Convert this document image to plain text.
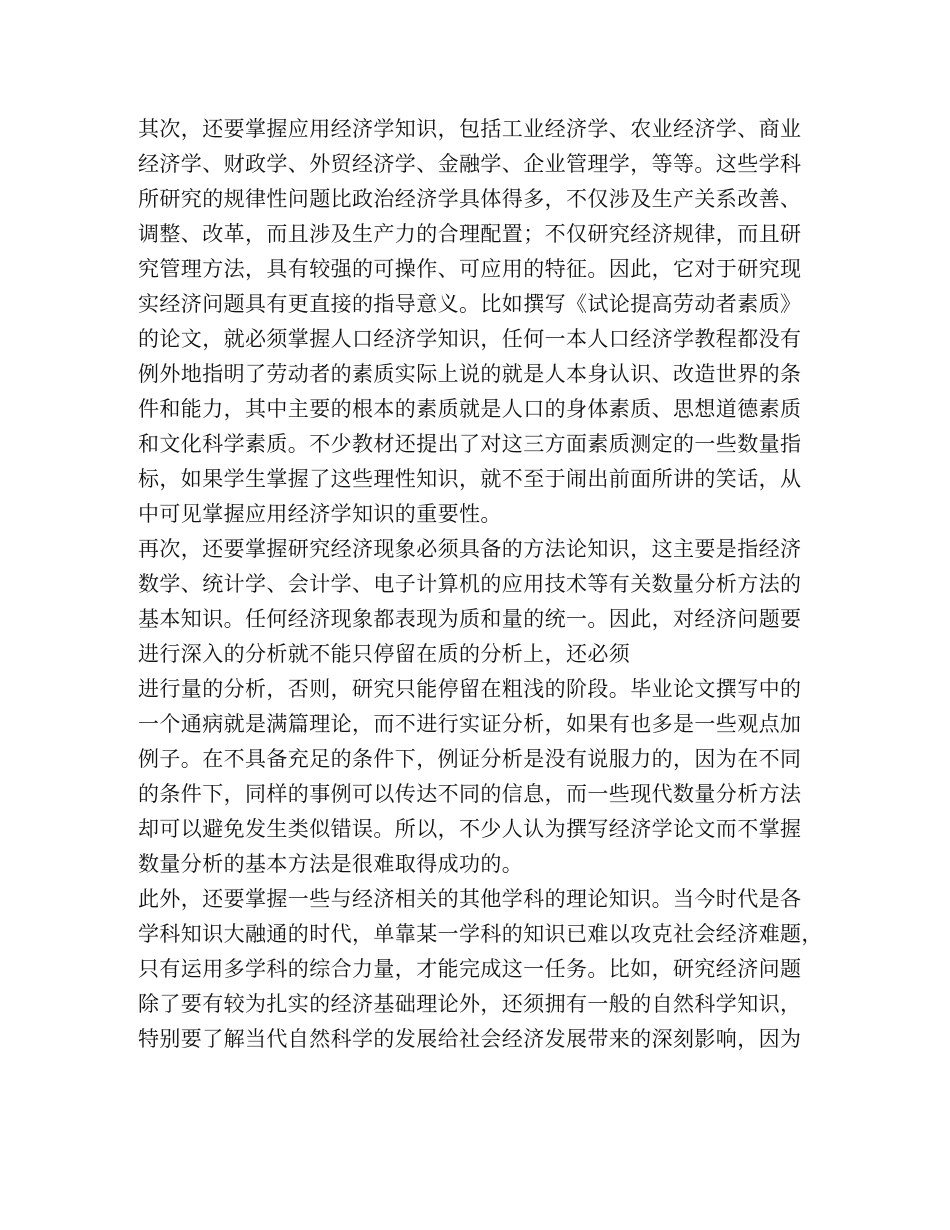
其次，还要掌握应用经济学知识，包括工业经济学、农业经济学、商业
经济学、财政学、外贸经济学、金融学、企业管理学，等等。这些学科
所研究的规律性问题比政治经济学具体得多，不仅涉及生产关系改善、
调整、改革，而且涉及生产力的合理配置；不仅研究经济规律，而且研
究管理方法，具有较强的可操作、可应用的特征。因此，它对于研究现
实经济问题具有更直接的指导意义。比如撰写《试论提高劳动者素质》
的论文，就必须掌握人口经济学知识，任何一本人口经济学教程都没有
例外地指明了劳动者的素质实际上说的就是人本身认识、改造世界的条
件和能力，其中主要的根本的素质就是人口的身体素质、思想道德素质
和文化科学素质。不少教材还提出了对这三方面素质测定的一些数量指
标，如果学生掌握了这些理性知识，就不至于闹出前面所讲的笑话，从
中可见掌握应用经济学知识的重要性。
再次，还要掌握研究经济现象必须具备的方法论知识，这主要是指经济
数学、统计学、会计学、电子计算机的应用技术等有关数量分析方法的
基本知识。任何经济现象都表现为质和量的统一。因此，对经济问题要
进行深入的分析就不能只停留在质的分析上，还必须
进行量的分析，否则，研究只能停留在粗浅的阶段。毕业论文撰写中的
一个通病就是满篇理论，而不进行实证分析，如果有也多是一些观点加
例子。在不具备充足的条件下，例证分析是没有说服力的，因为在不同
的条件下，同样的事例可以传达不同的信息，而一些现代数量分析方法
却可以避免发生类似错误。所以，不少人认为撰写经济学论文而不掌握
数量分析的基本方法是很难取得成功的。
此外，还要掌握一些与经济相关的其他学科的理论知识。当今时代是各
学科知识大融通的时代，单靠某一学科的知识已难以攻克社会经济难题，
只有运用多学科的综合力量，才能完成这一任务。比如，研究经济问题
除了要有较为扎实的经济基础理论外，还须拥有一般的自然科学知识，
特别要了解当代自然科学的发展给社会经济发展带来的深刻影响，因为
